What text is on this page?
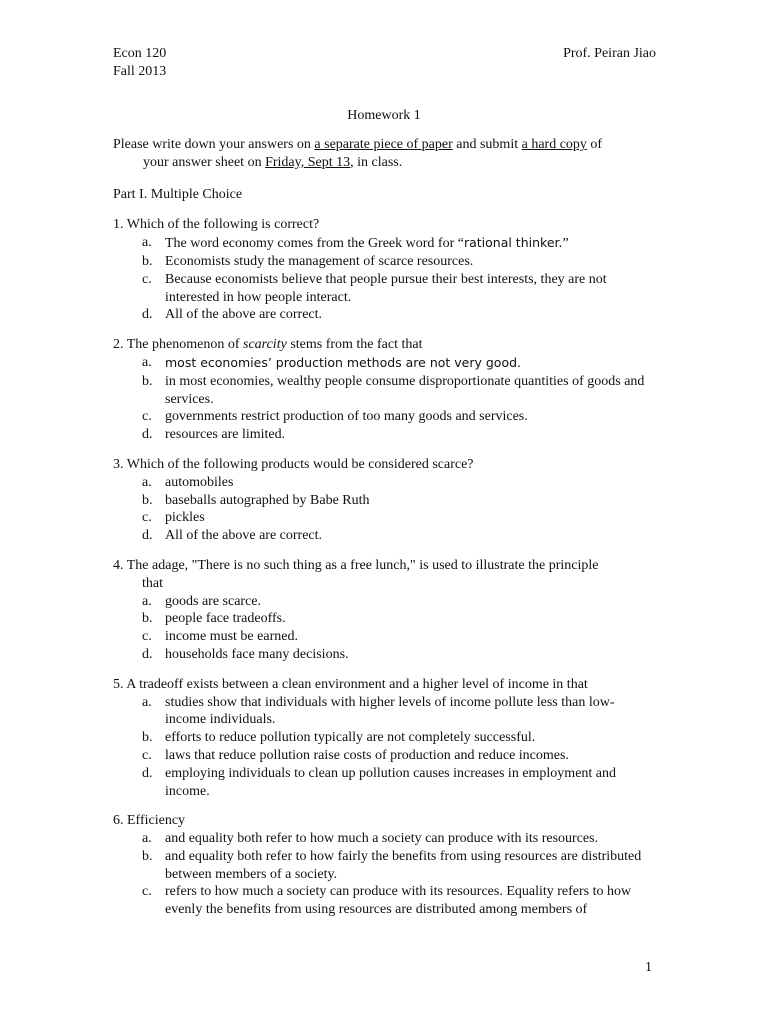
Econ 120
Fall 2013
Prof. Peiran Jiao
Homework 1

Please write down your answers on a separate piece of paper and submit a hard copy of
your answer sheet on Friday, Sept 13, in class.

Part I. Multiple Choice

1. Which of the following is correct?
a. The word economy comes from the Greek word for “rational thinker.”
b. Economists study the management of scarce resources.
c. Because economists believe that people pursue their best interests, they are not interested in how people interact.
d. All of the above are correct.
2. The phenomenon of scarcity stems from the fact that
a. most economies’ production methods are not very good.
b. in most economies, wealthy people consume disproportionate quantities of goods and services.
c. governments restrict production of too many goods and services.
d. resources are limited.
3. Which of the following products would be considered scarce?
a. automobiles
b. baseballs autographed by Babe Ruth
c. pickles
d. All of the above are correct.
4. The adage, "There is no such thing as a free lunch," is used to illustrate the principle
that
a. goods are scarce.
b. people face tradeoffs.
c. income must be earned.
d. households face many decisions.
5. A tradeoff exists between a clean environment and a higher level of income in that
a. studies show that individuals with higher levels of income pollute less than low-income individuals.
b. efforts to reduce pollution typically are not completely successful.
c. laws that reduce pollution raise costs of production and reduce incomes.
d. employing individuals to clean up pollution causes increases in employment and income.
6. Efficiency
a. and equality both refer to how much a society can produce with its resources.
b. and equality both refer to how fairly the benefits from using resources are distributed between members of a society.
c. refers to how much a society can produce with its resources. Equality refers to how evenly the benefits from using resources are distributed among members of
1
